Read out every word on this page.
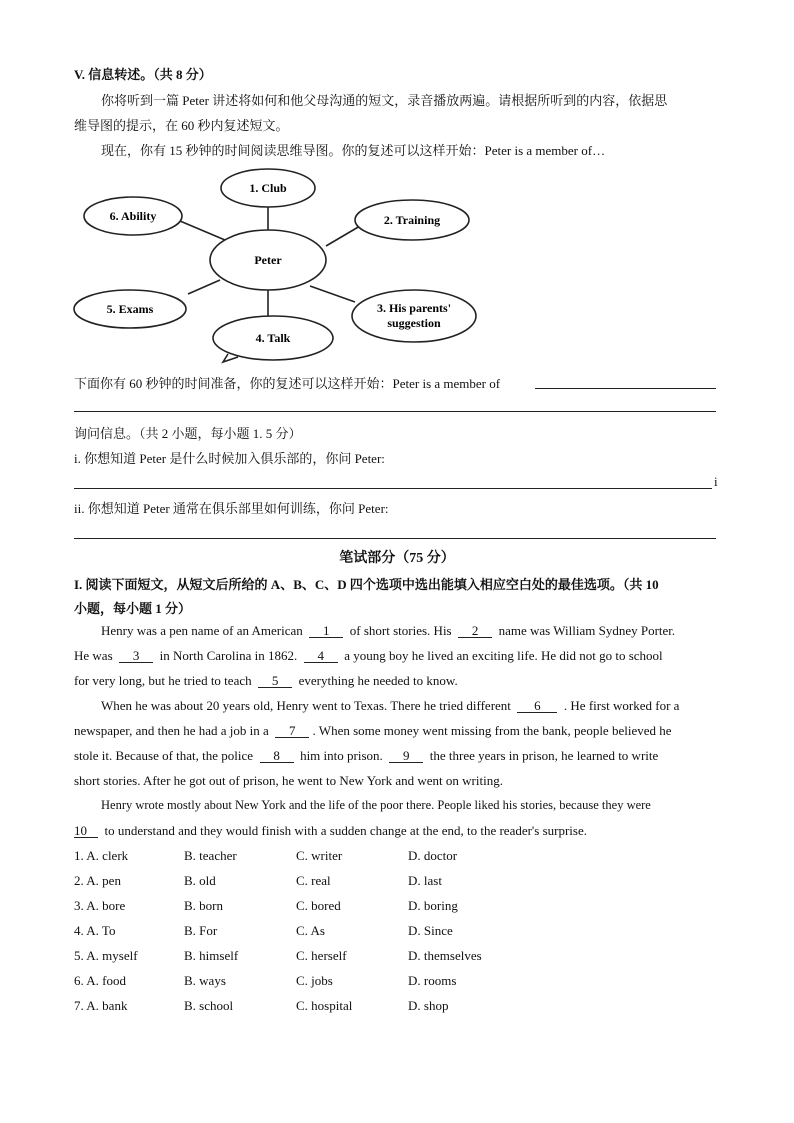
V. 信息转述。（共 8 分）
你将听到一篇 Peter 讲述将如何和他父母沟通的短文，录音播放两遍。请根据所听到的内容，依据思
维导图的提示，在 60 秒内复述短文。
现在，你有 15 秒钟的时间阅读思维导图。你的复述可以这样开始：Peter is a member of…
Peter
1. Club
6. Ability	2. Training
5. Exams	3. His parents'
suggestion
4. Talk
下面你有 60 秒钟的时间准备，你的复述可以这样开始：Peter is a member of
询问信息。（共 2 小题，每小题 1. 5 分）
i. 你想知道 Peter 是什么时候加入俱乐部的，你问 Peter:
i
ii. 你想知道 Peter 通常在俱乐部里如何训练，你问 Peter:
笔试部分（75 分）
I. 阅读下面短文，从短文后所给的 A、B、C、D 四个选项中选出能填入相应空白处的最佳选项。（共 10
小题，每小题 1 分）
Henry was a pen name of an American 1 of short stories. His 2 name was William Sydney Porter.
He was 3 in North Carolina in 1862. 4 a young boy he lived an exciting life. He did not go to school
for very long, but he tried to teach 5 everything he needed to know.
When he was about 20 years old, Henry went to Texas. There he tried different 6 . He first worked for a
newspaper, and then he had a job in a 7 . When some money went missing from the bank, people believed he
stole it. Because of that, the police 8 him into prison. 9 the three years in prison, he learned to write
short stories. After he got out of prison, he went to New York and went on writing.
Henry wrote mostly about New York and the life of the poor there. People liked his stories, because they were
10 to understand and they would finish with a sudden change at the end, to the reader's surprise.
1. A. clerk	B. teacher	C. writer	D. doctor
2. A. pen	B. old	C. real	D. last
3. A. bore	B. born	C. bored	D. boring
4. A. To	B. For	C. As	D. Since
5. A. myself	B. himself	C. herself	D. themselves
6. A. food	B. ways	C. jobs	D. rooms
7. A. bank	B. school	C. hospital	D. shop
